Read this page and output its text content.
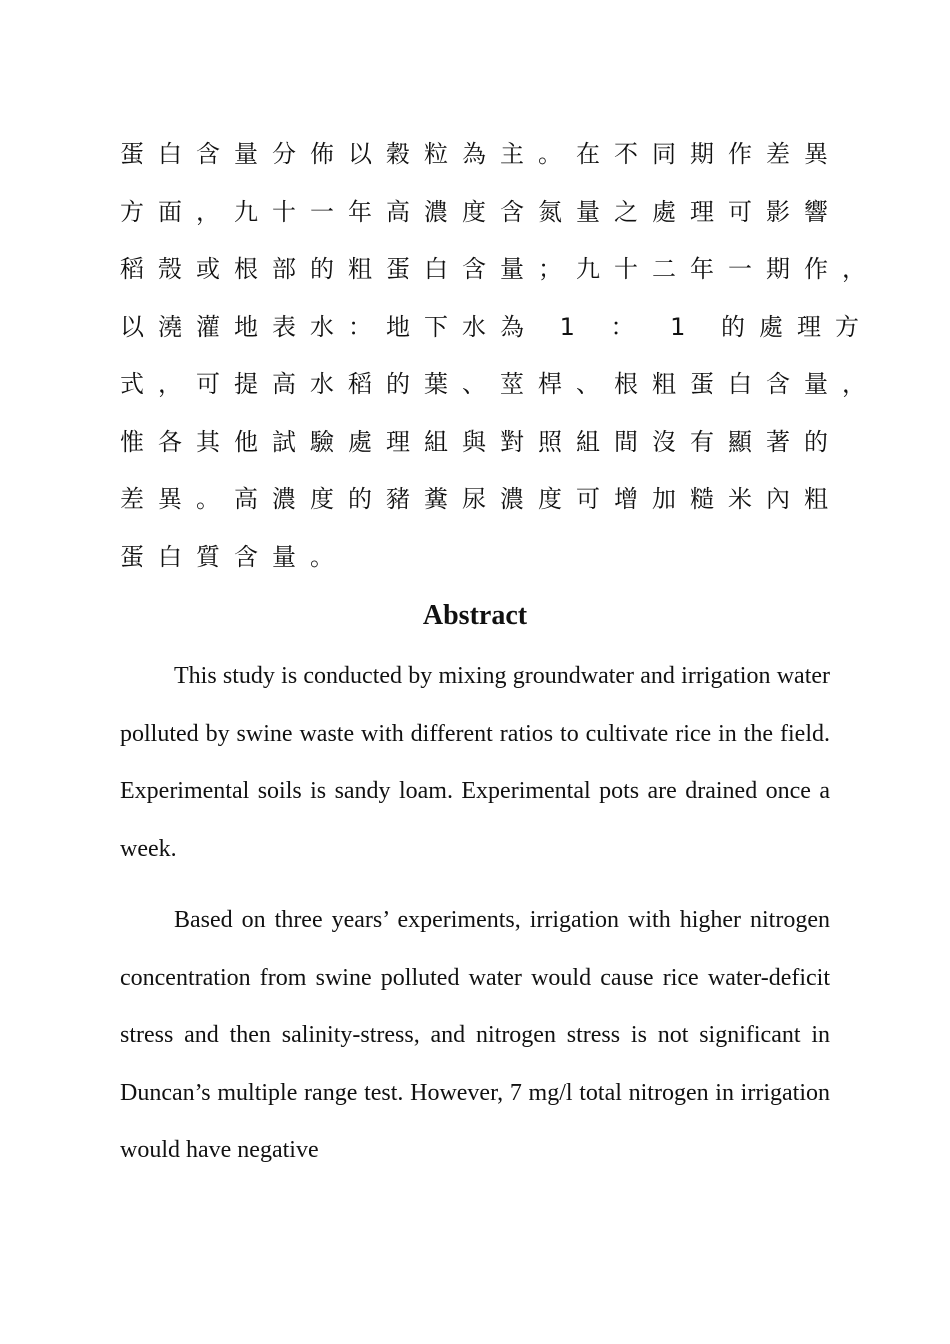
蛋白含量分佈以穀粒為主。在不同期作差異
方面，九十一年高濃度含氮量之處理可影響
稻殼或根部的粗蛋白含量；九十二年一期作，
以澆灌地表水：地下水為 1 ： 1 的處理方
式，可提高水稻的葉、莖桿、根粗蛋白含量，
惟各其他試驗處理組與對照組間沒有顯著的
差異。高濃度的豬糞尿濃度可增加糙米內粗
蛋白質含量。
Abstract

This study is conducted by mixing groundwater and irrigation water polluted by swine waste with different ratios to cultivate rice in the field. Experimental soils is sandy loam. Experimental pots are drained once a week.

Based on three years’ experiments, irrigation with higher nitrogen concentration from swine polluted water would cause rice water-deficit stress and then salinity-stress, and nitrogen stress is not significant in Duncan’s multiple range test. However, 7 mg/l total nitrogen in irrigation would have negative
